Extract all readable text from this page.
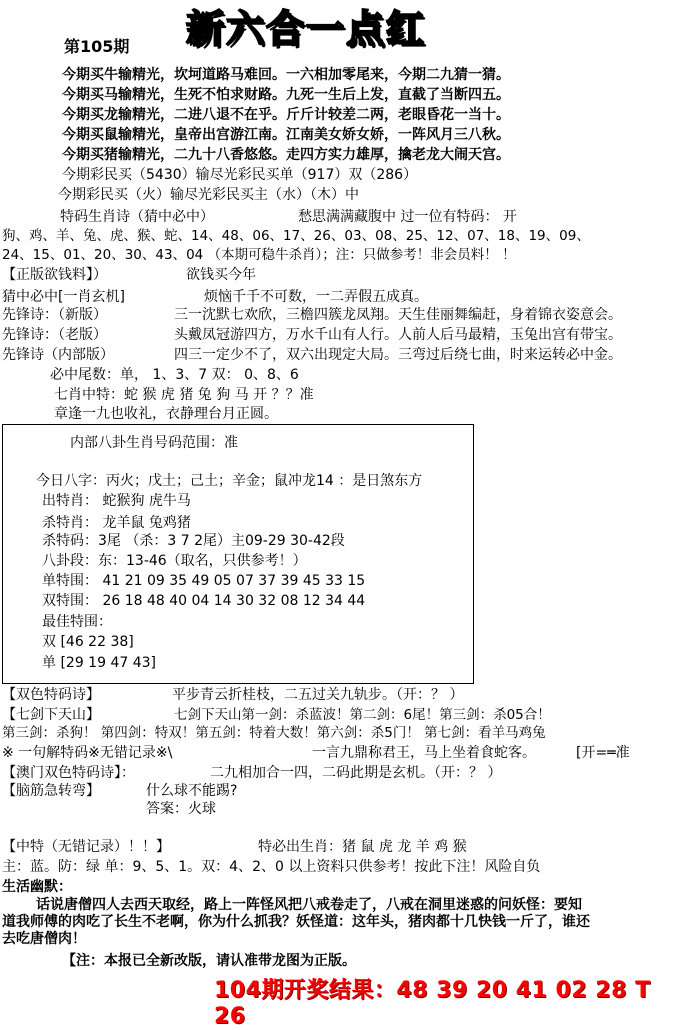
第105期 新六合一点红
今期买牛输精光，坎坷道路马难回。一六相加零尾来，今期二九猜一猜。
今期买马输精光，生死不怕求财路。九死一生后上发，直截了当断四五。
今期买龙输精光，二进八退不在乎。斤斤计较差二两，老眼昏花一当十。
今期买鼠输精光，皇帝出宫游江南。江南美女娇女娇，一阵风月三八秋。
今期买猪输精光，二九十八香悠悠。走四方实力雄厚，擒老龙大闹天宫。
今期彩民买（5430）输尽光彩民买单（917）双（286）
今期彩民买（火）输尽光彩民买主（水）（木）中
特码生肖诗（猜中必中）	愁思满满藏腹中 过一位有特码： 开
狗、鸡、羊、兔、虎、猴、蛇、14、48、06、17、26、03、08、25、12、07、18、19、09、
24、15、01、20、30、43、04 （本期可稳牛杀肖）；注：只做参考！非会员料！ ！
【正版欲钱料】）	欲钱买今年
猜中必中[一肖玄机]	烦恼千千不可数，一二弄假五成真。
先锋诗：（新版）	三一沈默七欢欣，三檐四簇龙凤翔。天生佳丽舞编赶，身着锦衣姿意会。
先锋诗：（老版）	头戴凤冠游四方，万水千山有人行。人前人后马最精，玉兔出宫有带宝。
先锋诗（内部版）	四三一定少不了，双六出现定大局。三弯过后绕七曲，时来运转必中金。
必中尾数：单， 1、3、7 双： 0、8、6
七肖中特：蛇 猴 虎 猪 兔 狗 马 开 ？？准
章逢一九也收礼，衣静理台月正圆。
内部八卦生肖号码范围：准
今日八字：丙火；戊土；己土；辛金；鼠冲龙14 ：是日煞东方
出特肖： 蛇猴狗 虎牛马
杀特肖： 龙羊鼠 兔鸡猪
杀特码：3尾 （杀：3 7 2尾）主09-29 30-42段
八卦段：东：13-46（取名，只供参考！）
单特围： 41 21 09 35 49 05 07 37 39 45 33 15
双特围： 26 18 48 40 04 14 30 32 08 12 34 44
最佳特围：
双 [46 22 38]
单 [29 19 47 43]
【双色特码诗】	平步青云折桂枝，二五过关九轨步。（开：？ ）
【七剑下天山】	七剑下天山第一剑：杀蓝波！第二剑：6尾！第三剑：杀05合！
第三剑：杀狗！ 第四剑：特双！第五剑：特着大数！第六剑：杀5门！ 第七剑：看羊马鸡兔
※ 一句解特码※无错记录※\	一言九鼎称君王，马上坐着食蛇客。	[开=═准
【澳门双色特码诗】：	二九相加合一四，二码此期是玄机。（开：？ ）
【脑筋急转弯】	什么球不能踢?
答案：火球
【中特（无错记录）！！】	特必出生肖：猪 鼠 虎 龙 羊 鸡 猴
主：蓝。防：绿 单：9、5、1。双：4、2、0 以上资料只供参考！按此下注！风险自负
生活幽默：
话说唐僧四人去西天取经，路上一阵怪风把八戒卷走了，八戒在洞里迷惑的问妖怪：要知
道我师傅的肉吃了长生不老啊，你为什么抓我？妖怪道：这年头，猪肉都十几快钱一斤了，谁还
去吃唐僧肉！
【注：本报已全新改版，请认准带龙图为正版。
104期开奖结果：48 39 20 41 02 28 T 26
